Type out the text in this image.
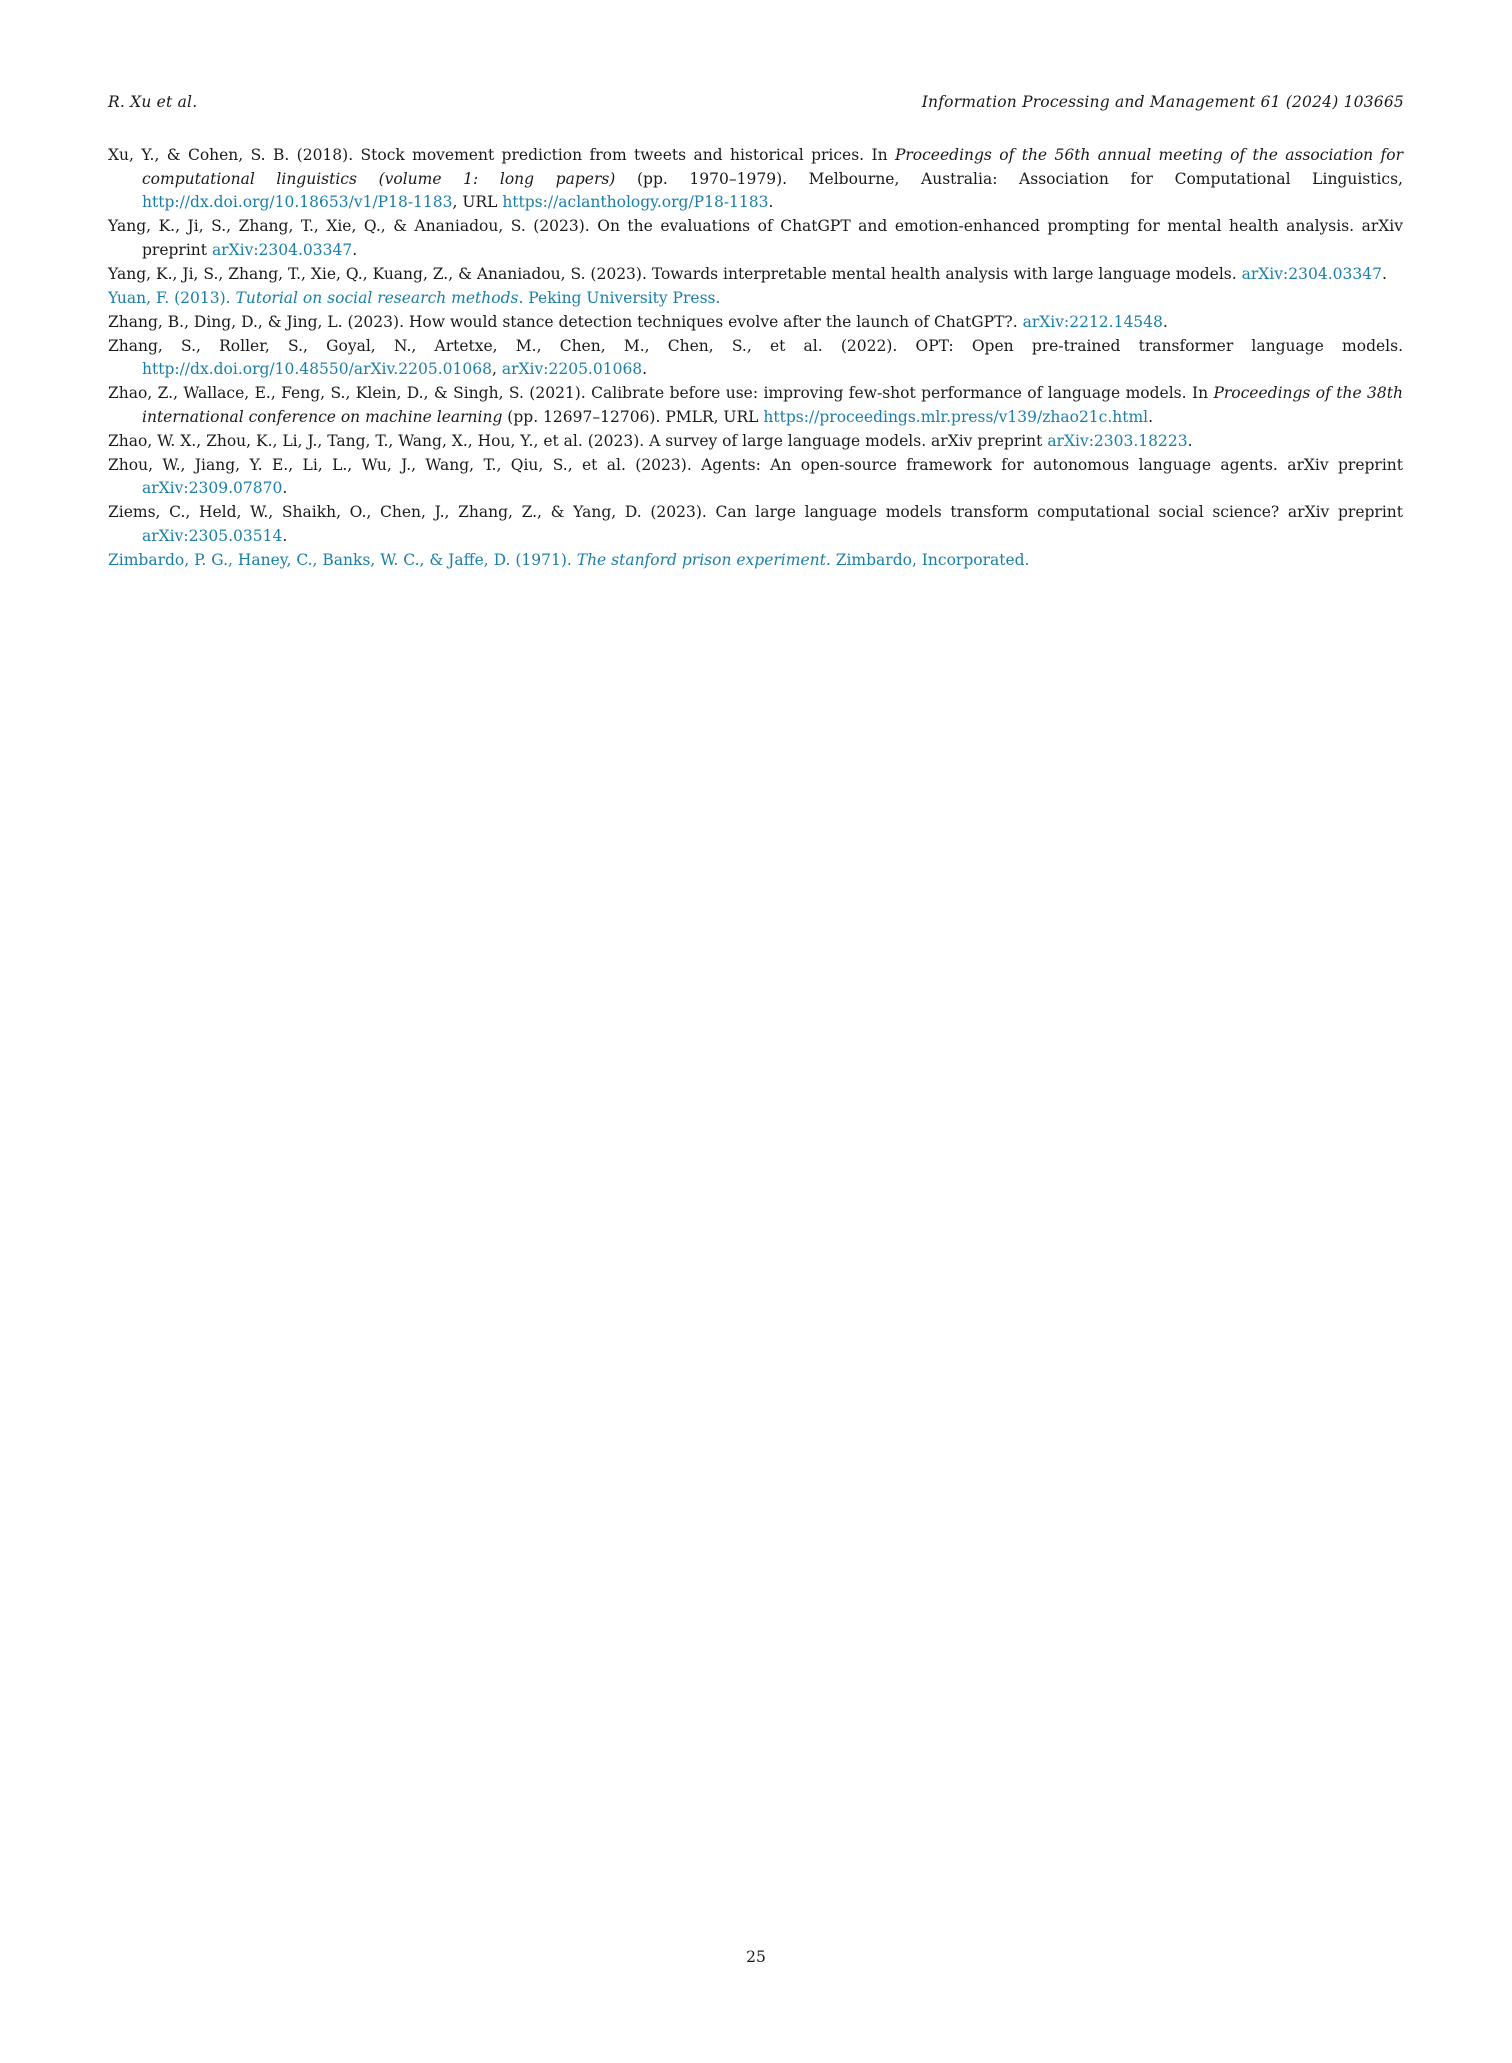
R. Xu et al.	Information Processing and Management 61 (2024) 103665
Xu, Y., & Cohen, S. B. (2018). Stock movement prediction from tweets and historical prices. In Proceedings of the 56th annual meeting of the association for computational linguistics (volume 1: long papers) (pp. 1970–1979). Melbourne, Australia: Association for Computational Linguistics, http://dx.doi.org/10.18653/v1/P18-1183, URL https://aclanthology.org/P18-1183.
Yang, K., Ji, S., Zhang, T., Xie, Q., & Ananiadou, S. (2023). On the evaluations of ChatGPT and emotion-enhanced prompting for mental health analysis. arXiv preprint arXiv:2304.03347.
Yang, K., Ji, S., Zhang, T., Xie, Q., Kuang, Z., & Ananiadou, S. (2023). Towards interpretable mental health analysis with large language models. arXiv:2304.03347.
Yuan, F. (2013). Tutorial on social research methods. Peking University Press.
Zhang, B., Ding, D., & Jing, L. (2023). How would stance detection techniques evolve after the launch of ChatGPT?. arXiv:2212.14548.
Zhang, S., Roller, S., Goyal, N., Artetxe, M., Chen, M., Chen, S., et al. (2022). OPT: Open pre-trained transformer language models. http://dx.doi.org/10.48550/arXiv.2205.01068, arXiv:2205.01068.
Zhao, Z., Wallace, E., Feng, S., Klein, D., & Singh, S. (2021). Calibrate before use: improving few-shot performance of language models. In Proceedings of the 38th international conference on machine learning (pp. 12697–12706). PMLR, URL https://proceedings.mlr.press/v139/zhao21c.html.
Zhao, W. X., Zhou, K., Li, J., Tang, T., Wang, X., Hou, Y., et al. (2023). A survey of large language models. arXiv preprint arXiv:2303.18223.
Zhou, W., Jiang, Y. E., Li, L., Wu, J., Wang, T., Qiu, S., et al. (2023). Agents: An open-source framework for autonomous language agents. arXiv preprint arXiv:2309.07870.
Ziems, C., Held, W., Shaikh, O., Chen, J., Zhang, Z., & Yang, D. (2023). Can large language models transform computational social science? arXiv preprint arXiv:2305.03514.
Zimbardo, P. G., Haney, C., Banks, W. C., & Jaffe, D. (1971). The stanford prison experiment. Zimbardo, Incorporated.
25
